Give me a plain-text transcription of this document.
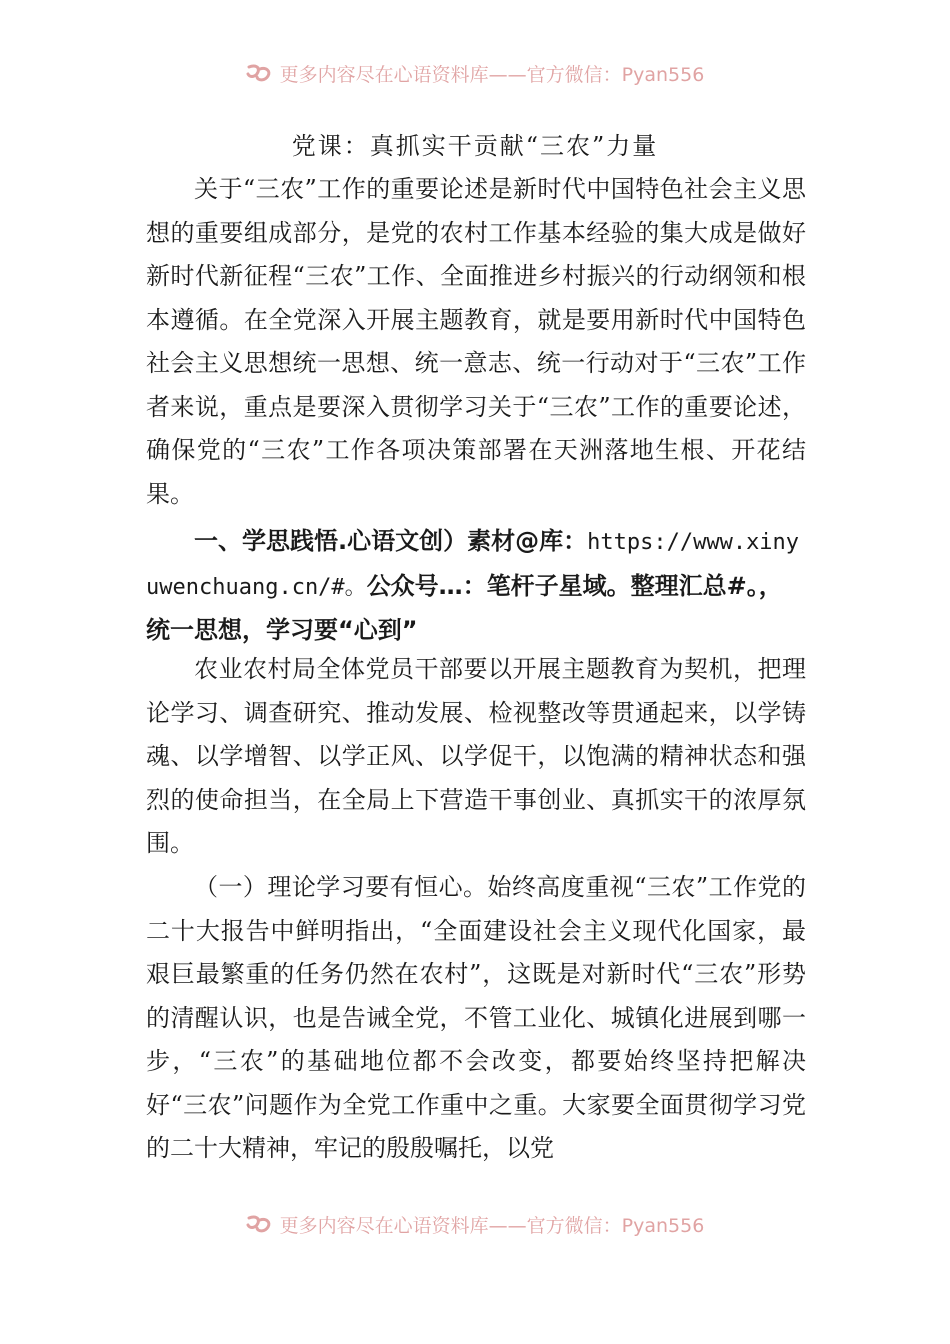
更多内容尽在心语资料库——官方微信：Pyan556
党课：真抓实干贡献“三农”力量

关于“三农”工作的重要论述是新时代中国特色社会主义思想的重要组成部分，是党的农村工作基本经验的集大成是做好新时代新征程“三农”工作、全面推进乡村振兴的行动纲领和根本遵循。在全党深入开展主题教育，就是要用新时代中国特色社会主义思想统一思想、统一意志、统一行动对于“三农”工作者来说，重点是要深入贯彻学习关于“三农”工作的重要论述，确保党的“三农”工作各项决策部署在天洲落地生根、开花结果。

一、学思践悟.心语文创）素材@库：https://www.xinyuwenchuang.cn/#。公众号…：笔杆子星域。整理汇总#。，统一思想，学习要“心到”

农业农村局全体党员干部要以开展主题教育为契机，把理论学习、调查研究、推动发展、检视整改等贯通起来，以学铸魂、以学增智、以学正风、以学促干，以饱满的精神状态和强烈的使命担当，在全局上下营造干事创业、真抓实干的浓厚氛围。

（一）理论学习要有恒心。始终高度重视“三农”工作党的二十大报告中鲜明指出，“全面建设社会主义现代化国家，最艰巨最繁重的任务仍然在农村”，这既是对新时代“三农”形势的清醒认识，也是告诫全党，不管工业化、城镇化进展到哪一步，“三农”的基础地位都不会改变，都要始终坚持把解决好“三农”问题作为全党工作重中之重。大家要全面贯彻学习党的二十大精神，牢记的殷殷嘱托，以党

更多内容尽在心语资料库——官方微信：Pyan556
